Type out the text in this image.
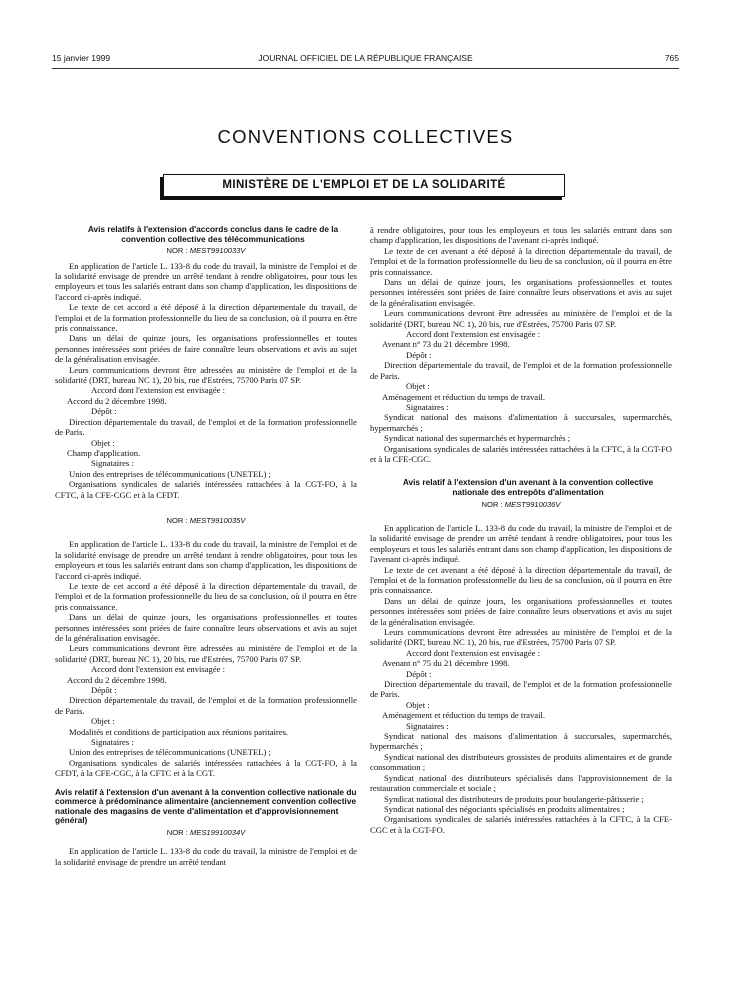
15 janvier 1999	JOURNAL OFFICIEL DE LA RÉPUBLIQUE FRANÇAISE	765
CONVENTIONS COLLECTIVES
MINISTÈRE DE L'EMPLOI ET DE LA SOLIDARITÉ
Avis relatifs à l'extension d'accords conclus dans le cadre de la convention collective des télécommunications
NOR : MEST9910033V

En application de l'article L. 133-8 du code du travail, la ministre de l'emploi et de la solidarité envisage de prendre un arrêté tendant à rendre obligatoires, pour tous les employeurs et tous les salariés entrant dans son champ d'application, les dispositions de l'accord ci-après indiqué.

Le texte de cet accord a été déposé à la direction départementale du travail, de l'emploi et de la formation professionnelle du lieu de sa conclusion, où il pourra en être pris connaissance.

Dans un délai de quinze jours, les organisations professionnelles et toutes personnes intéressées sont priées de faire connaître leurs observations et avis au sujet de la généralisation envisagée.

Leurs communications devront être adressées au ministère de l'emploi et de la solidarité (DRT, bureau NC 1), 20 bis, rue d'Estrées, 75700 Paris 07 SP.

Accord dont l'extension est envisagée :

Accord du 2 décembre 1998.

Dépôt :

Direction départementale du travail, de l'emploi et de la formation professionnelle de Paris.

Objet :

Champ d'application.

Signataires :

Union des entreprises de télécommunications (UNETEL) ;

Organisations syndicales de salariés intéressées rattachées à la CGT-FO, à la CFTC, à la CFE-CGC et à la CFDT.

NOR : MEST9910035V

En application de l'article L. 133-8 du code du travail, la ministre de l'emploi et de la solidarité envisage de prendre un arrêté tendant à rendre obligatoires, pour tous les employeurs et tous les salariés entrant dans son champ d'application, les dispositions de l'accord ci-après indiqué.

Le texte de cet accord a été déposé à la direction départementale du travail, de l'emploi et de la formation professionnelle du lieu de sa conclusion, où il pourra en être pris connaissance.

Dans un délai de quinze jours, les organisations professionnelles et toutes personnes intéressées sont priées de faire connaître leurs observations et avis au sujet de la généralisation envisagée.

Leurs communications devront être adressées au ministère de l'emploi et de la solidarité (DRT, bureau NC 1), 20 bis, rue d'Estrées, 75700 Paris 07 SP.

Accord dont l'extension est envisagée :

Accord du 2 décembre 1998.

Dépôt :

Direction départementale du travail, de l'emploi et de la formation professionnelle de Paris.

Objet :

Modalités et conditions de participation aux réunions paritaires.

Signataires :

Union des entreprises de télécommunications (UNETEL) ;

Organisations syndicales de salariés intéressées rattachées à la CGT-FO, à la CFDT, à la CFE-CGC, à la CFTC et à la CGT.

Avis relatif à l'extension d'un avenant à la convention collective nationale du commerce à prédominance alimentaire (anciennement convention collective nationale des magasins de vente d'alimentation et d'approvisionnement général)
NOR : MES19910034V

En application de l'article L. 133-8 du code du travail, la ministre de l'emploi et de la solidarité envisage de prendre un arrêté tendant

à rendre obligatoires, pour tous les employeurs et tous les salariés entrant dans son champ d'application, les dispositions de l'avenant ci-après indiqué.

Le texte de cet avenant a été déposé à la direction départementale du travail, de l'emploi et de la formation professionnelle du lieu de sa conclusion, où il pourra en être pris connaissance.

Dans un délai de quinze jours, les organisations professionnelles et toutes personnes intéressées sont priées de faire connaître leurs observations et avis au sujet de la généralisation envisagée.

Leurs communications devront être adressées au ministère de l'emploi et de la solidarité (DRT, bureau NC 1), 20 bis, rue d'Estrées, 75700 Paris 07 SP.

Accord dont l'extension est envisagée :

Avenant n° 73 du 21 décembre 1998.

Dépôt :

Direction départementale du travail, de l'emploi et de la formation professionnelle de Paris.

Objet :

Aménagement et réduction du temps de travail.

Signataires :

Syndicat national des maisons d'alimentation à succursales, supermarchés, hypermarchés ;

Syndicat national des supermarchés et hypermarchés ;

Organisations syndicales de salariés intéressées rattachées à la CFTC, à la CGT-FO et à la CFE-CGC.

Avis relatif à l'extension d'un avenant à la convention collective nationale des entrepôts d'alimentation
NOR : MEST9910036V

En application de l'article L. 133-8 du code du travail, la ministre de l'emploi et de la solidarité envisage de prendre un arrêté tendant à rendre obligatoires, pour tous les employeurs et tous les salariés entrant dans son champ d'application, les dispositions de l'avenant ci-après indiqué.

Le texte de cet avenant a été déposé à la direction départementale du travail, de l'emploi et de la formation professionnelle du lieu de sa conclusion, où il pourra en être pris connaissance.

Dans un délai de quinze jours, les organisations professionnelles et toutes personnes intéressées sont priées de faire connaître leurs observations et avis au sujet de la généralisation envisagée.

Leurs communications devront être adressées au ministère de l'emploi et de la solidarité (DRT, bureau NC 1), 20 bis, rue d'Estrées, 75700 Paris 07 SP.

Accord dont l'extension est envisagée :

Avenant n° 75 du 21 décembre 1998.

Dépôt :

Direction départementale du travail, de l'emploi et de la formation professionnelle de Paris.

Objet :

Aménagement et réduction du temps de travail.

Signataires :

Syndicat national des maisons d'alimentation à succursales, supermarchés, hypermarchés ;

Syndicat national des distributeurs grossistes de produits alimentaires et de grande consommation ;

Syndicat national des distributeurs spécialisés dans l'approvisionnement de la restauration commerciale et sociale ;

Syndicat national des distributeurs de produits pour boulangerie-pâtisserie ;

Syndicat national des négociants spécialisés en produits alimentaires ;

Organisations syndicales de salariés intéressées rattachées à la CFTC, à la CFE-CGC et à la CGT-FO.
